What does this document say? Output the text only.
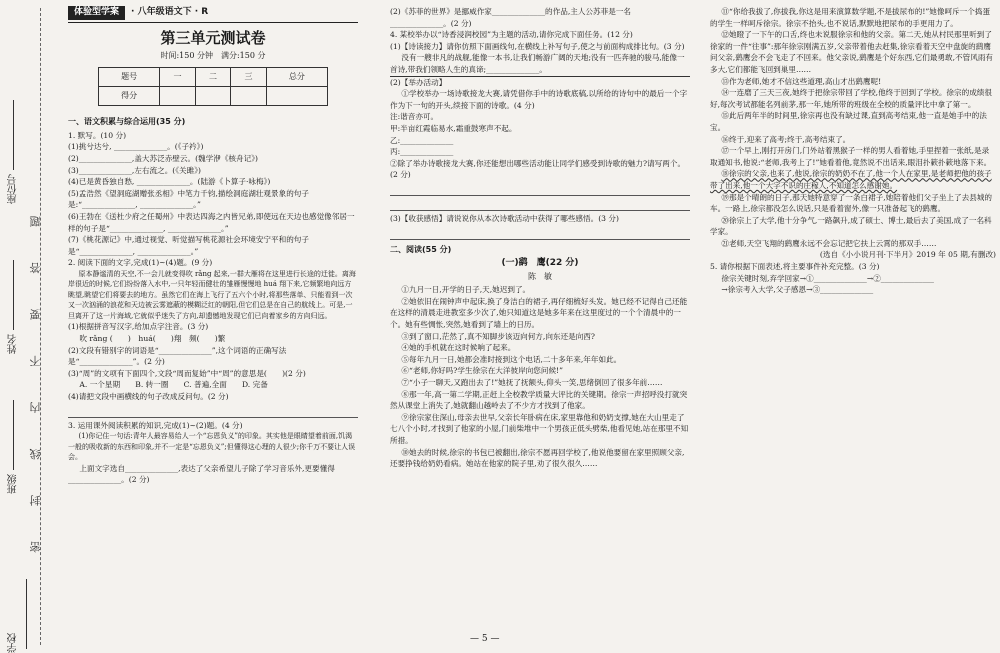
学校
班级
姓名
座位号
密 封 线 内 不 要 答 题
体验型学案	· 八年级语文下 · R
第三单元测试卷
时间:150 分钟　满分:150 分
题号	一	二	三	总分
得分				
一、语文积累与综合运用(35 分)

1. 默写。(10 分)

(1)挑兮达兮, ______________。(《子衿》)

(2)______________,盖大苏泛赤壁云。(魏学洢《核舟记》)

(3)______________,左右流之。(《关雎》)

(4)已是黄昏独自愁, ______________。(陆游《卜算子·咏梅》)

(5)孟浩然《望洞庭湖赠张丞相》中笔力千钧,描绘洞庭湖壮观景象的句子是:“______________, ______________。”

(6)王勃在《送杜少府之任蜀州》中表达四海之内皆兄弟,即使远在天边也感觉像邻居一样的句子是“______________, ______________。”

(7)《桃花源记》中,通过视觉、听觉描写桃花源社会环境安宁平和的句子是“______________, ______________。”

2. 阅读下面的文字,完成(1)~(4)题。(9 分)

原本静谧清的天空,不一会儿就变得吹 rǎng 起来,一群大雁将在这里进行长途的迁徙。离海岸很近的时候,它们纷纷落入水中,一只年轻而健壮的雏雁慢慢地 huá 翔下来,它频繁地向远方眺望,眺望它们将要去的地方。虽然它们在海上飞行了五六个小时,将那些落单、只能看到一次又一次汹涌的浪花和天边被云雾遮蔽的模糊泛红的朝阳,但它们总是在自己的航线上。可是,一旦离开了这一片海域,它就似乎迷失了方向,却遗憾地发现它们已向着家乡的方向归远。

(1)根据拼音写汉字,给加点字注音。(3 分)

吹 rǎng (　　)　huá(　　)翔　频(　　)繁

(2)文段有错别字的词语是“______________”,这个词语的正确写法是“______________”。(2 分)

(3)“周”的文项有下面四个,文段“周而复始”中“周”的意思是(　　)(2 分)

A. 一个星期　　B. 转一圈　　C. 普遍,全面　　D. 完备

(4)请把文段中画横线的句子改成反问句。(2 分)

3. 运用课外阅读积累的知识,完成(1)~(2)题。(4 分)

(1)你记住一句话:青年人最容易给人一个“忘恩负义”的印象。其实他是眼睛望着前面,饥渴一般的吸收新的东西和印象,并不一定是“忘恩负义”;但懂得这心理的人很少;你千万不要让人误会。

上面文字选自______________,表达了父亲希望儿子除了学习音乐外,更要懂得______________。(2 分)

(2)《苏菲的世界》是挪威作家______________的作品,主人公苏菲是一名______________。(2 分)

4. 某校举办以“诗香浸润校园”为主题的活动,请你完成下面任务。(12 分)

(1)【诗读接力】请你仿照下面画线句,在横线上补写句子,使之与前面构成排比句。(3 分)

没有一艘非凡的战舰,能像一本书,让我们畅游广阔的天地;没有一匹奔驰的骏马,能像一首诗,带我们领略人生的真谛;______________。

(2)【举办活动】

①学校举办一场诗歌接龙大赛,请凭借你手中的诗歌底稿,以所给的诗句中的最后一个字作为下一句的开头,续接下面的诗歌。(4 分)

注:谐音亦可。

甲:半亩红霞临易水,霜重鼓寒声不起。

乙:______________

丙:______________

②除了举办诗歌接龙大赛,你还能想出哪些活动能让同学们感受到诗歌的魅力?请写两个。(2 分)

(3)【收获感悟】请说说你从本次诗歌活动中获得了哪些感悟。(3 分)

二、阅读(55 分)
(一)鹞　鹰(22 分)
陈　敏

①九月一日,开学的日子,天,她迟到了。

②她依旧在闹钟声中起床,换了身洁白的裙子,再仔细梳好头发。她已经不记得自己还能在这样的清晨走进教室多少次了,她只知道这是她多年来在这里度过的一个个清晨中的一个。她有些惆怅,突然,她看到了墙上的日历。

③到了窗口,茫然了,真不知脚步该迈向何方,向东还是向西?

④她的手机就在这时候响了起来。

⑤每年九月一日,她都会准时接到这个电话,二十多年来,年年如此。

⑥“老师,你好吗?学生徐宗在大洋彼岸向您问候!”

⑦“小子一聊天,又跑出去了!”她抚了抚额头,仰头一笑,思绪倒回了很多年前……

⑧那一年,高一第二学期,正赶上全校教学质量大评比的关键期。徐宗一声招呼没打就突然从课堂上消失了,她就翻山越岭去了不少方才找到了他家。

⑨徐宗家住深山,母亲去世早,父亲长年卧病在床,家里靠他和奶奶支撑,她在大山里走了七八个小时,才找到了他家的小屋,门前柴堆中一个男孩正低头劈柴,他看见她,站在那里不知所措。

⑩她去的时候,徐宗的书包已被翻出,徐宗不愿再回学校了,他说他要留在家里照顾父亲,还要挣钱给奶奶看病。她站在他家的院子里,劝了很久很久……

⑪“你给我拔了,你拔我,你这是用来演算数学题,不是拔尿布的!”她像呵斥一个捣蛋的学生一样呵斥徐宗。徐宗不抬头,也不说话,默默地把尿布的手更用力了。

⑫她瞪了一下午的口舌,终也未说服徐宗和他的父亲。第二天,她从村民那里听到了徐家的一件“往事”:那年徐宗刚满五岁,父亲带着他去赶集,徐宗看着天空中盘旋的鹞鹰问父亲,鹞鹰会不会飞走了不回来。他父亲说,鹞鹰是个好东西,它们最勇敢,不管风雨有多大,它们都能飞回到巢里……

⑬作为老师,她才不信这些道理,高山才出鹞鹰呢!

⑭一连磨了三天三夜,她终于把徐宗带回了学校,他终于回到了学校。徐宗的成绩很好,每次考试都能名列前茅,那一年,她所带的班级在全校的质量评比中拿了第一。

⑮此后两年半的时间里,徐宗再也没有缺过课,直到高考结束,他一直是她手中的法宝。

⑯终于,迎来了高考;终于,高考结束了。

⑰一个早上,刚打开房门,门外站着黑猴子一样的男人看着她,手里捏着一张纸,是录取通知书,他说:“老师,我考上了!”她看着他,竟然说不出话来,眼泪扑簌扑簌地落下来。

⑱徐宗的父亲,也来了,他说,徐宗的奶奶不在了,他一个人在家里,是老师把他的孩子带了出来,他一个大字不识的庄稼人,不知道怎么感谢她。

⑲那是个晴朗的日子,那天她特意穿了一条白裙子,她陪着他们父子坐上了去县城的车。一路上,徐宗都没怎么说话,只是看着窗外,像一只准备起飞的鹞鹰。

⑳徐宗上了大学,他十分争气,一路飙升,成了硕士、博士,最后去了美国,成了一名科学家。

㉑老师,天空飞翔的鹞鹰永远不会忘记把它扶上云霄的那双手……

(选自《小小说月刊·下半月》2019 年 05 期,有删改)

5. 请你根据下面表述,将主要事件补充完整。(3 分)

徐宗关键时刻,弃学回家→①______________→②______________

→徐宗考入大学,父子感恩→③______________

— 5 —
